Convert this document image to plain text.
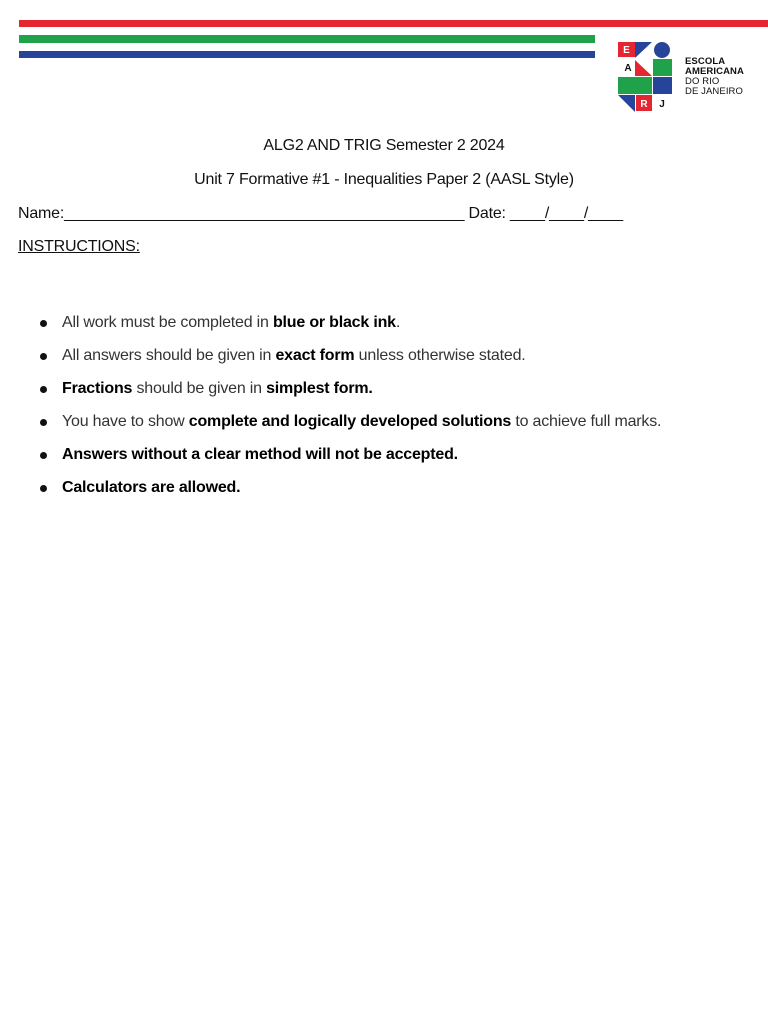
E
A
R J
ESCOLA
AMERICANA
DO RIO
DE JANEIRO
ALG2 AND TRIG Semester 2 2024
Unit 7 Formative #1 - Inequalities Paper 2 (AASL Style)
Name:______________________________________________ Date: ____/____/____
INSTRUCTIONS:
All work must be completed in blue or black ink.
All answers should be given in exact form unless otherwise stated.
Fractions should be given in simplest form.
You have to show complete and logically developed solutions to achieve full marks.
Answers without a clear method will not be accepted.
Calculators are allowed.
